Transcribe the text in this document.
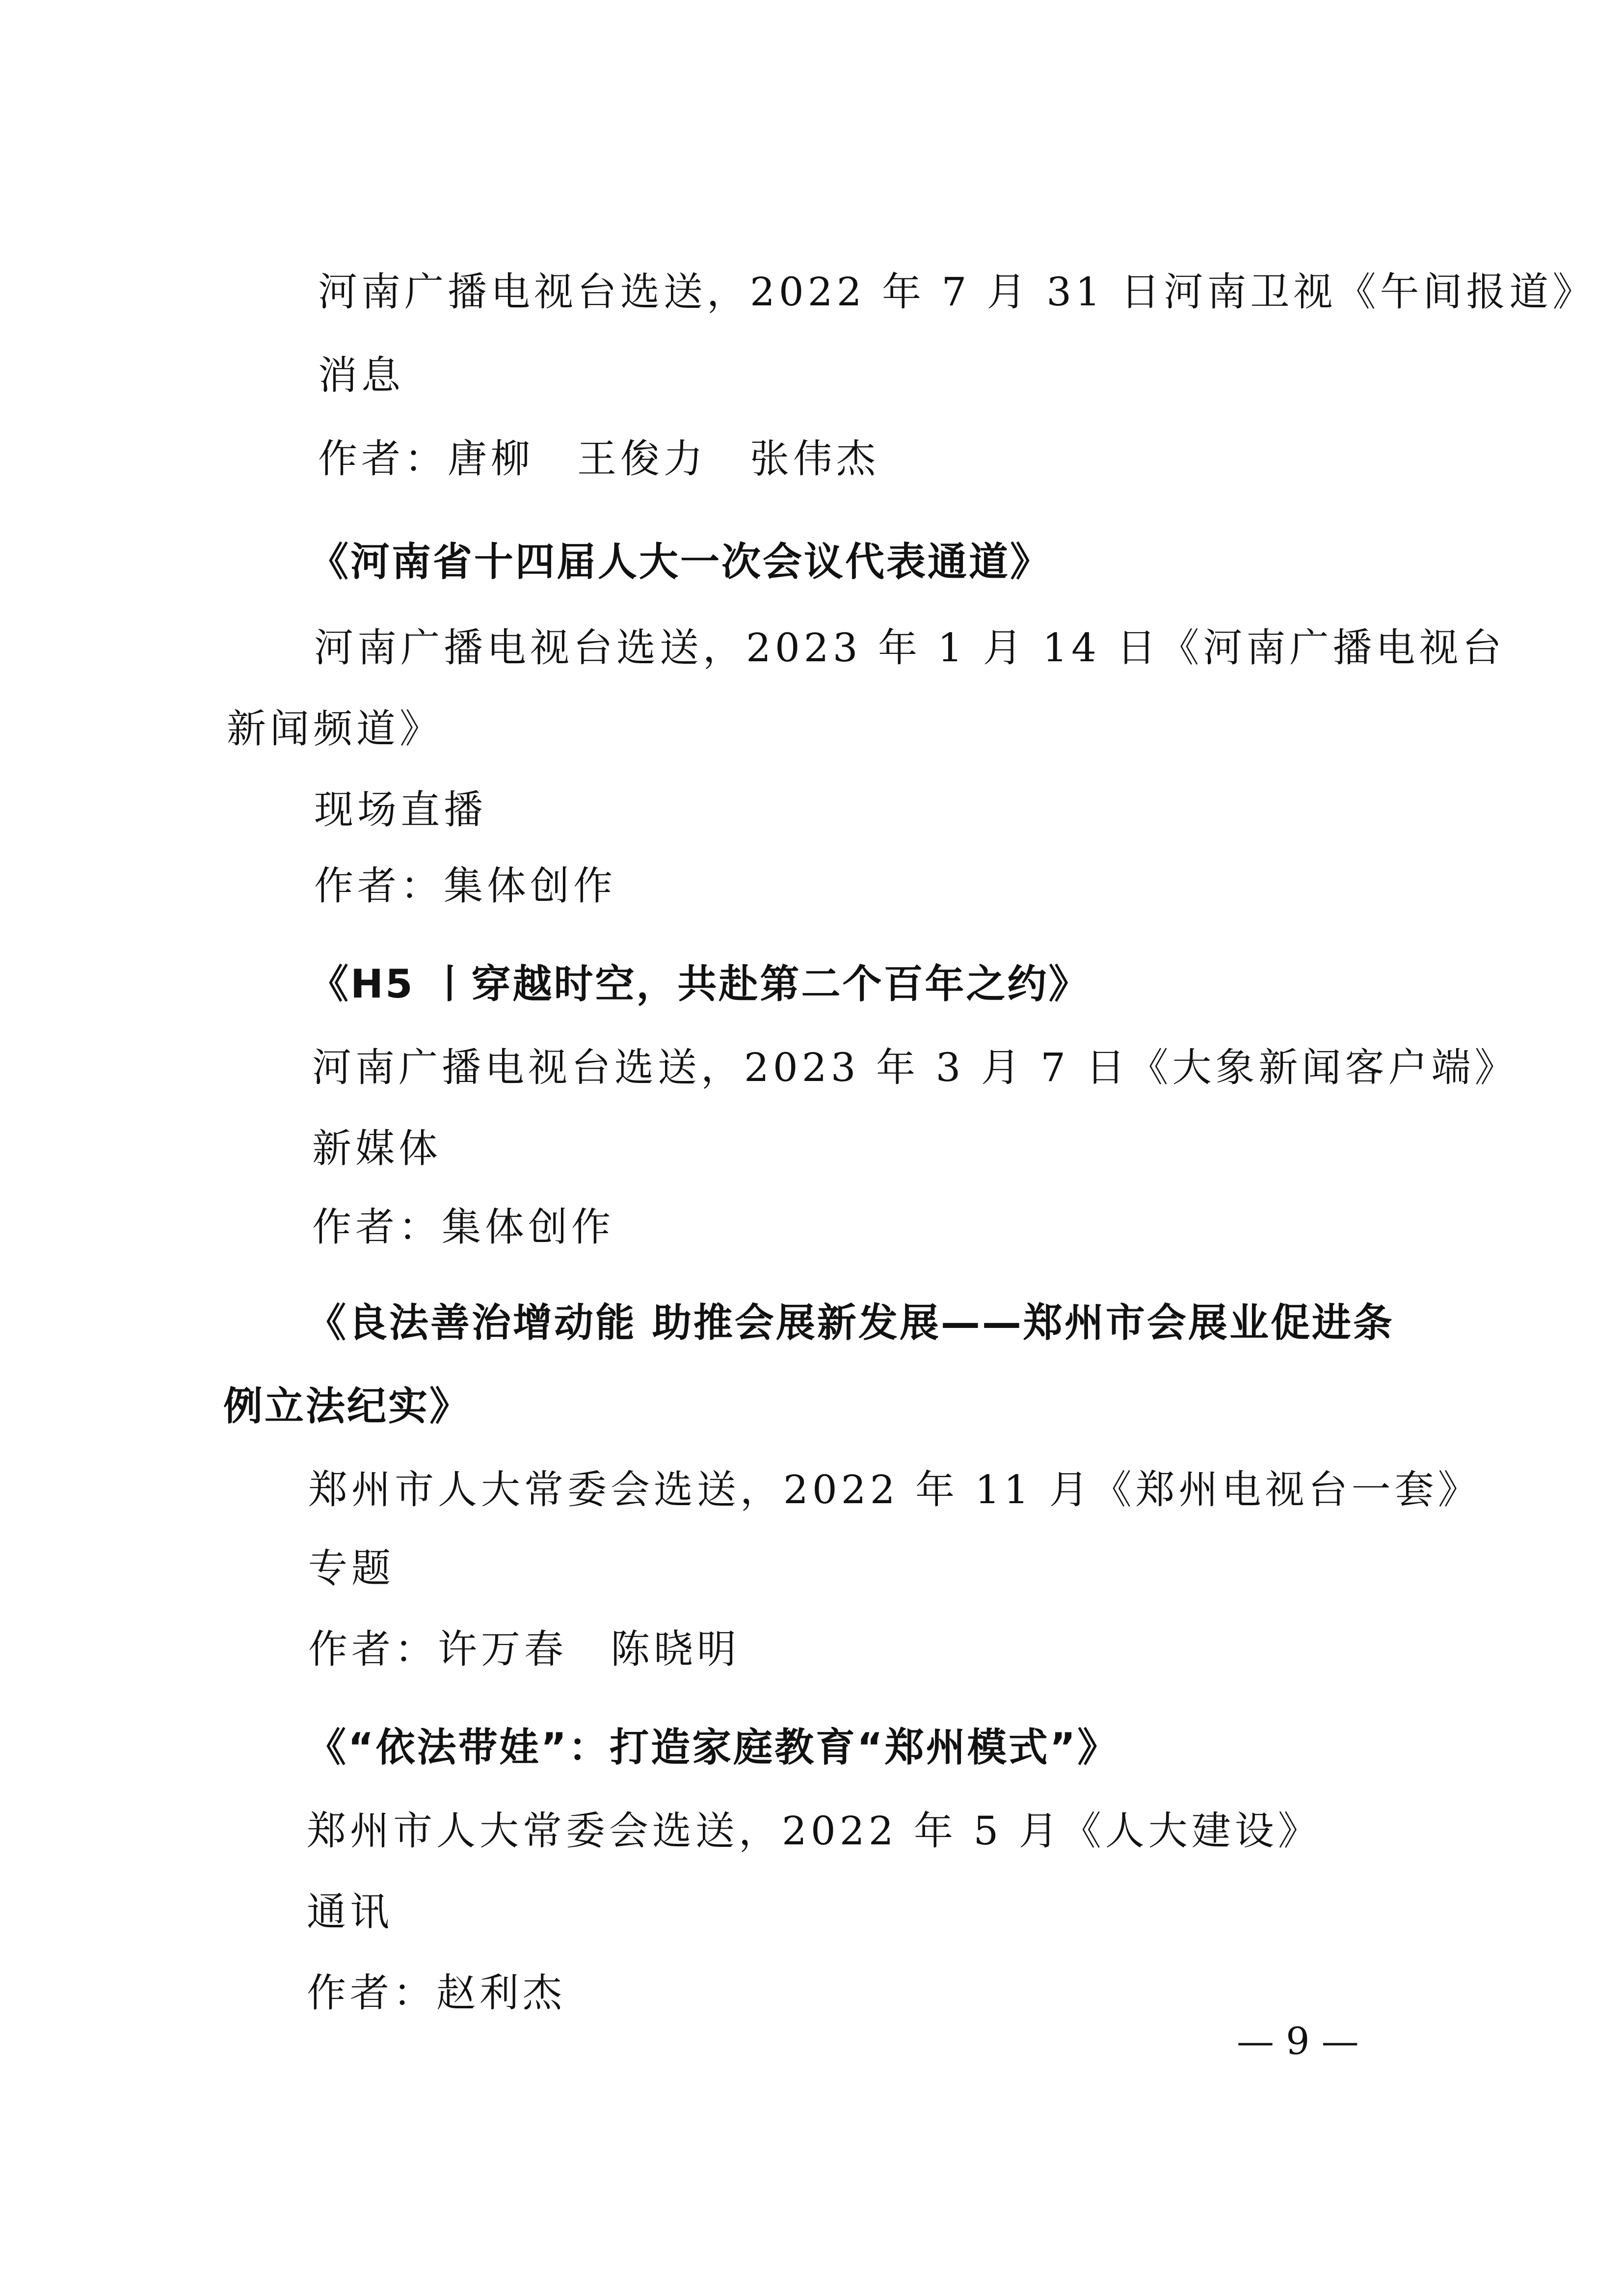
河南广播电视台选送，2022 年 7 月 31 日河南卫视《午间报道》
消息
作者：唐柳　王俊力　张伟杰
《河南省十四届人大一次会议代表通道》
河南广播电视台选送，2023 年 1 月 14 日《河南广播电视台
新闻频道》
现场直播
作者：集体创作
《H5 丨穿越时空，共赴第二个百年之约》
河南广播电视台选送，2023 年 3 月 7 日《大象新闻客户端》
新媒体
作者：集体创作
《良法善治增动能 助推会展新发展——郑州市会展业促进条
例立法纪实》
郑州市人大常委会选送，2022 年 11 月《郑州电视台一套》
专题
作者：许万春　陈晓明
《“依法带娃”：打造家庭教育“郑州模式”》
郑州市人大常委会选送，2022 年 5 月《人大建设》
通讯
作者：赵利杰
— 9 —
